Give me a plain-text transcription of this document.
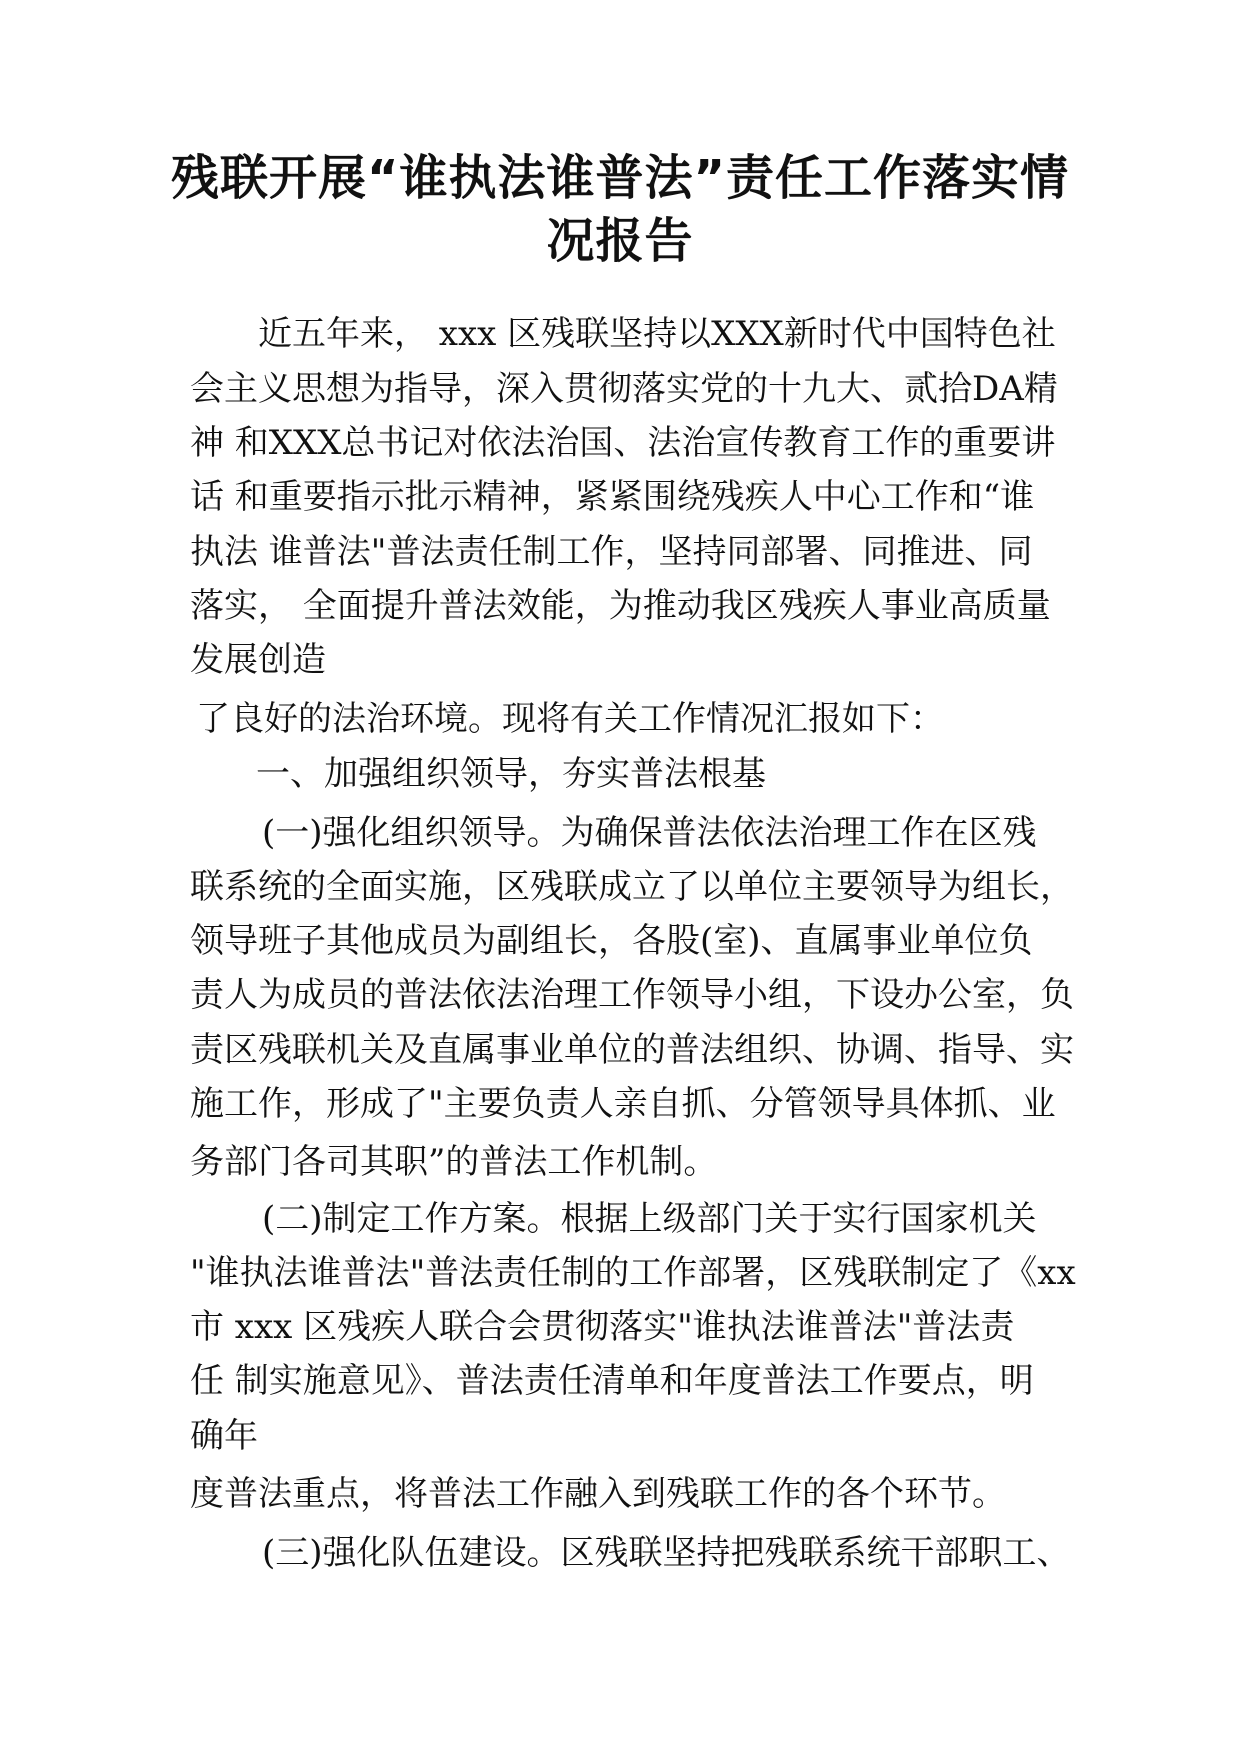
残联开展“谁执法谁普法”责任工作落实情
况报告
近五年来， xxx 区残联坚持以XXX新时代中国特色社
会主义思想为指导，深入贯彻落实党的十九大、贰拾DA精
神 和XXX总书记对依法治国、法治宣传教育工作的重要讲
话 和重要指示批示精神，紧紧围绕残疾人中心工作和“谁
执法 谁普法"普法责任制工作，坚持同部署、同推进、同
落实， 全面提升普法效能，为推动我区残疾人事业高质量
发展创造
了良好的法治环境。现将有关工作情况汇报如下：
一、加强组织领导，夯实普法根基
(一)强化组织领导。为确保普法依法治理工作在区残
联系统的全面实施，区残联成立了以单位主要领导为组长，
领导班子其他成员为副组长，各股(室)、直属事业单位负
责人为成员的普法依法治理工作领导小组，下设办公室，负
责区残联机关及直属事业单位的普法组织、协调、指导、实
施工作，形成了"主要负责人亲自抓、分管领导具体抓、业
务部门各司其职”的普法工作机制。
(二)制定工作方案。根据上级部门关于实行国家机关
"谁执法谁普法"普法责任制的工作部署，区残联制定了《xx
市 xxx 区残疾人联合会贯彻落实"谁执法谁普法"普法责
任 制实施意见》、普法责任清单和年度普法工作要点，明
确年
度普法重点，将普法工作融入到残联工作的各个环节。
(三)强化队伍建设。区残联坚持把残联系统干部职工、
